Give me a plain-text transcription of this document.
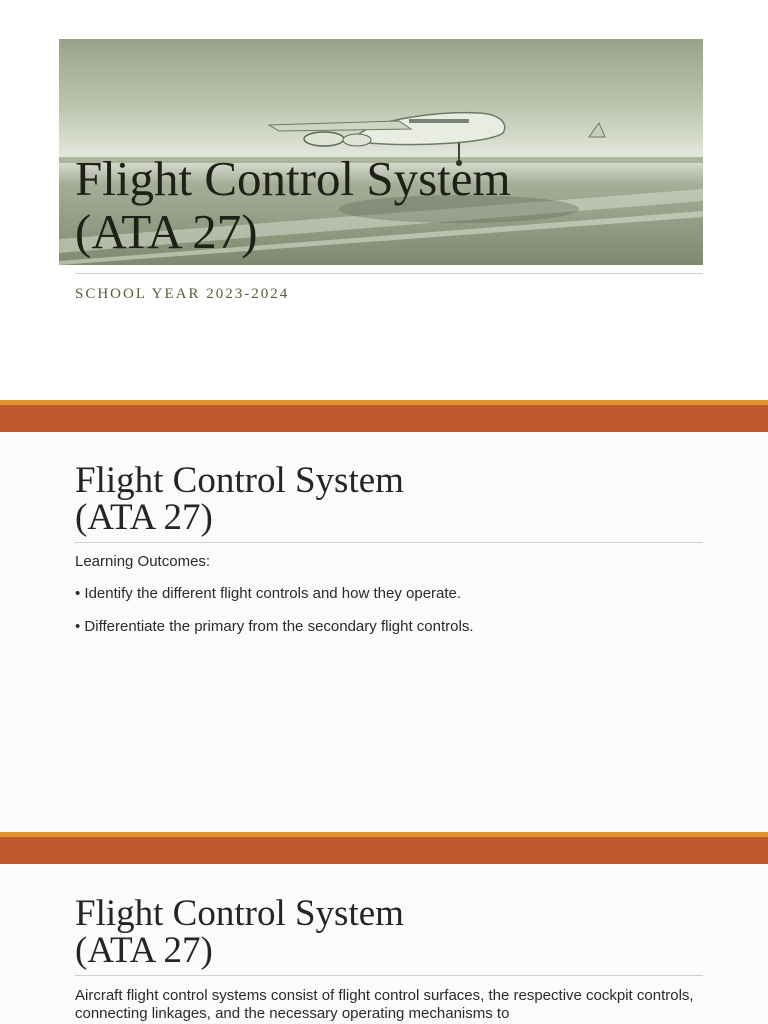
Flight Control System
(ATA 27)

SCHOOL YEAR 2023-2024

Flight Control System
(ATA 27)

Learning Outcomes:

• Identify the different flight controls and how they operate.

• Differentiate the primary from the secondary flight controls.

Flight Control System
(ATA 27)

Aircraft flight control systems consist of flight control surfaces, the respective cockpit controls, connecting linkages, and the necessary operating mechanisms to
